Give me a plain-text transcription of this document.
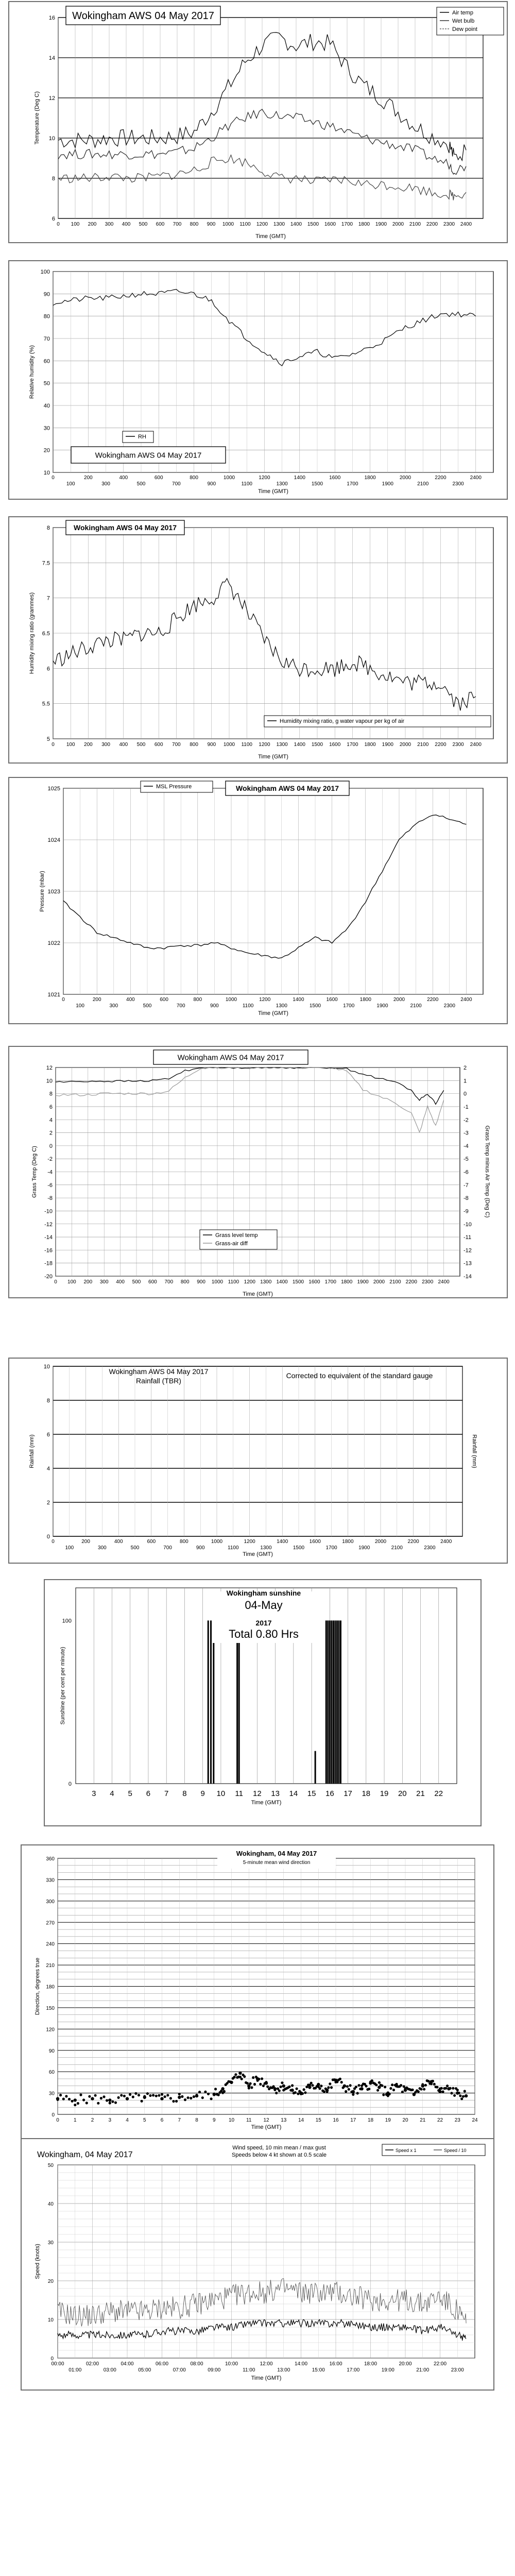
6
8
10
12
14
16
0 100 200 300 400 500 600 700 800 900 1000 1100 1200 1300 1400 1500 1600 1700 1800 1900 2000 2100 2200 2300 2400
Time (GMT)
Temperature (Deg C)
Wokingham AWS 04 May 2017	Air temp
Wet bulb
Dew point
10
20
30
40
50
60
70
80
90
100
0	200	400	600	800	1000	1200	1400	1600	1800	2000	2200	2400
100	300	500	700	900	1100	1300	1500	1700	1900	2100	2300
Time (GMT)
Relative humidity (%)
RH
Wokingham AWS 04 May 2017
5
5.5
6
6.5
7
7.5
8
0 100 200 300 400 500 600 700 800 900 1000 1100 1200 1300 1400 1500 1600 1700 1800 1900 2000 2100 2200 2300 2400
Time (GMT)
Humidity mixing ratio (grammes)
Wokingham AWS 04 May 2017
Humidity mixing ratio, g water vapour per kg of air
1021
1022
1023
1024
1025
0	200	400	600	800	1000	1200	1400	1600	1800	2000	2200	2400
100	300	500	700	900	1100	1300	1500	1700	1900	2100	2300
Time (GMT)
Pressure (mbar)
MSL Pressure	Wokingham AWS 04 May 2017
12
10
8
6
4
2
0
-2
-4
-6
-8
-10
-12
-14
-16
-18
-20
0 100 200 300 400 500 600 700 800 900 1000 1100 1200 1300 1400 1500 1600 1700 1800 1900 2000 2100 2200 2300 2400
Time (GMT)
Grass Temp (Deg C)
2
1
0
-1
-2
-3
-4
-5
-6
-7
-8
-9
-10
-11
-12
-13
-14
Grass Temp minus Air Temp (Deg C)
Wokingham AWS 04 May 2017
Grass level temp
Grass-air diff
0
2
4
6
8
10
0	200	400	600	800	1000	1200	1400	1600	1800	2000	2200	2400
100	300	500	700	900	1100	1300	1500	1700	1900	2100	2300
Time (GMT)
Rainfall (mm)	Rainfall (mm)
Wokingham AWS 04 May 2017
Rainfall (TBR)
Corrected to equivalent of the standard gauge
3 4 5 6 7 8 9 10 11 12 13 14 15 16 17 18 19 20 21 22
0
100
Time (GMT)
Sunshine (per cent per minute)
Wokingham sunshine
04-May
2017
Total 0.80 Hrs
0
30
60
90
120
150
180
210
240
270
300
330
360
0	1	2	3	4	5	6	7	8	9	10 11 12 13 14 15 16 17 18 19 20 21 22 23 24
Time (GMT)
Direction, degrees true
Wokingham, 04 May 2017
5-minute mean wind direction
0
10
20
30
40
50
00:00	02:00	04:00	06:00	08:00	10:00	12:00	14:00	16:00	18:00	20:00	22:00
01:00	03:00	05:00	07:00	09:00	11:00	13:00	15:00	17:00	19:00	21:00	23:00
Time (GMT)
Speed (knots)
Wokingham, 04 May 2017
Wind speed, 10 min mean / max gust
Speeds below 4 kt shown at 0.5 scale
Speed x 1	Speed / 10
